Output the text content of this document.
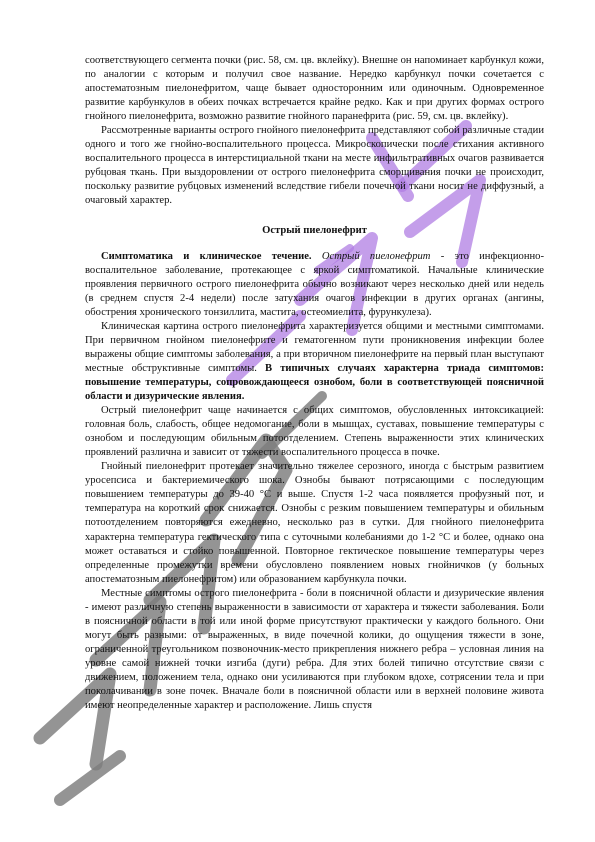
соответствующего сегмента почки (рис. 58, см. цв. вклейку). Внешне он напоминает карбункул кожи, по аналогии с которым и получил свое название. Нередко карбункул почки сочетается с апостематозным пиелонефритом, чаще бывает односторонним или одиночным. Одновременное развитие карбункулов в обеих почках встречается крайне редко. Как и при других формах острого гнойного пиелонефрита, возможно развитие гнойного паранефрита (рис. 59, см. цв. вклейку).

Рассмотренные варианты острого гнойного пиелонефрита представляют собой различные стадии одного и того же гнойно-воспалительного процесса. Микроскопически после стихания активного воспалительного процесса в интерстициальной ткани на месте инфильтративных очагов развивается рубцовая ткань. При выздоровлении от острого пиелонефрита сморщивания почки не происходит, поскольку развитие рубцовых изменений вследствие гибели почечной ткани носит не диффузный, а очаговый характер.

Острый пиелонефрит

Симптоматика и клиническое течение. Острый пиелонефрит - это инфекционно-воспалительное заболевание, протекающее с яркой симптоматикой. Начальные клинические проявления первичного острого пиелонефрита обычно возникают через несколько дней или недель (в среднем спустя 2-4 недели) после затухания очагов инфекции в других органах (ангины, обострения хронического тонзиллита, мастита, остеомиелита, фурункулеза).

Клиническая картина острого пиелонефрита характеризуется общими и местными симптомами. При первичном гнойном пиелонефрите и гематогенном пути проникновения инфекции более выражены общие симптомы заболевания, а при вторичном пиелонефрите на первый план выступают местные обструктивные симптомы. В типичных случаях характерна триада симптомов: повышение температуры, сопровождающееся ознобом, боли в соответствующей поясничной области и дизурические явления.

Острый пиелонефрит чаще начинается с общих симптомов, обусловленных интоксикацией: головная боль, слабость, общее недомогание, боли в мышцах, суставах, повышение температуры с ознобом и последующим обильным потоотделением. Степень выраженности этих клинических проявлений различна и зависит от тяжести воспалительного процесса в почке.

Гнойный пиелонефрит протекает значительно тяжелее серозного, иногда с быстрым развитием уросепсиса и бактериемического шока. Ознобы бывают потрясающими с последующим повышением температуры до 39-40 °С и выше. Спустя 1-2 часа появляется профузный пот, и температура на короткий срок снижается. Ознобы с резким повышением температуры и обильным потоотделением повторяются ежедневно, несколько раз в сутки. Для гнойного пиелонефрита характерна температура гектического типа с суточными колебаниями до 1-2 °С и более, однако она может оставаться и стойко повышенной. Повторное гектическое повышение температуры через определенные промежутки времени обусловлено появлением новых гнойничков (у больных апостематозным пиелонефритом) или образованием карбункула почки.

Местные симптомы острого пиелонефрита - боли в поясничной области и дизурические явления - имеют различную степень выраженности в зависимости от характера и тяжести заболевания. Боли в поясничной области в той или иной форме присутствуют практически у каждого больного. Они могут быть разными: от выраженных, в виде почечной колики, до ощущения тяжести в зоне, ограниченной треугольником позвоночник-место прикрепления нижнего ребра – условная линия на уровне самой нижней точки изгиба (дуги) ребра. Для этих болей типично отсутствие связи с движением, положением тела, однако они усиливаются при глубоком вдохе, сотрясении тела и при поколачивании в зоне почек. Вначале боли в поясничной области или в верхней половине живота имеют неопределенные характер и расположение. Лишь спустя
